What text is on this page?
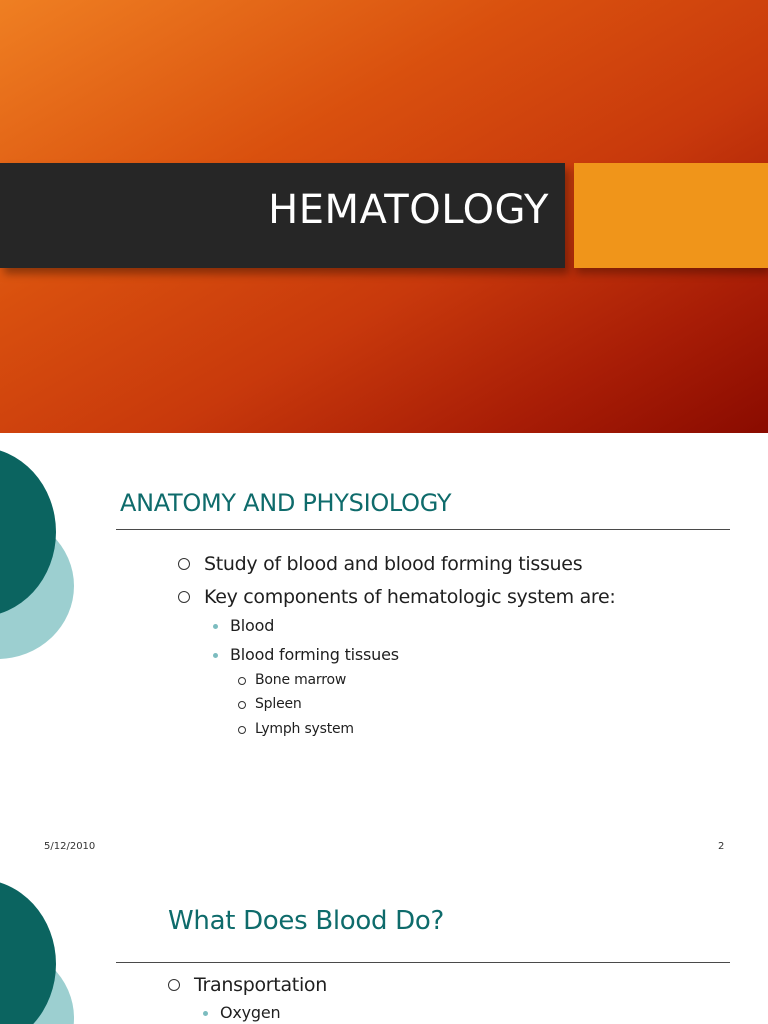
HEMATOLOGY
ANATOMY AND PHYSIOLOGY
Study of blood and blood forming tissues
Key components of hematologic system are:
Blood
Blood forming tissues
Bone marrow
Spleen
Lymph system
5/12/2010	2
What Does Blood Do?
Transportation
Oxygen
